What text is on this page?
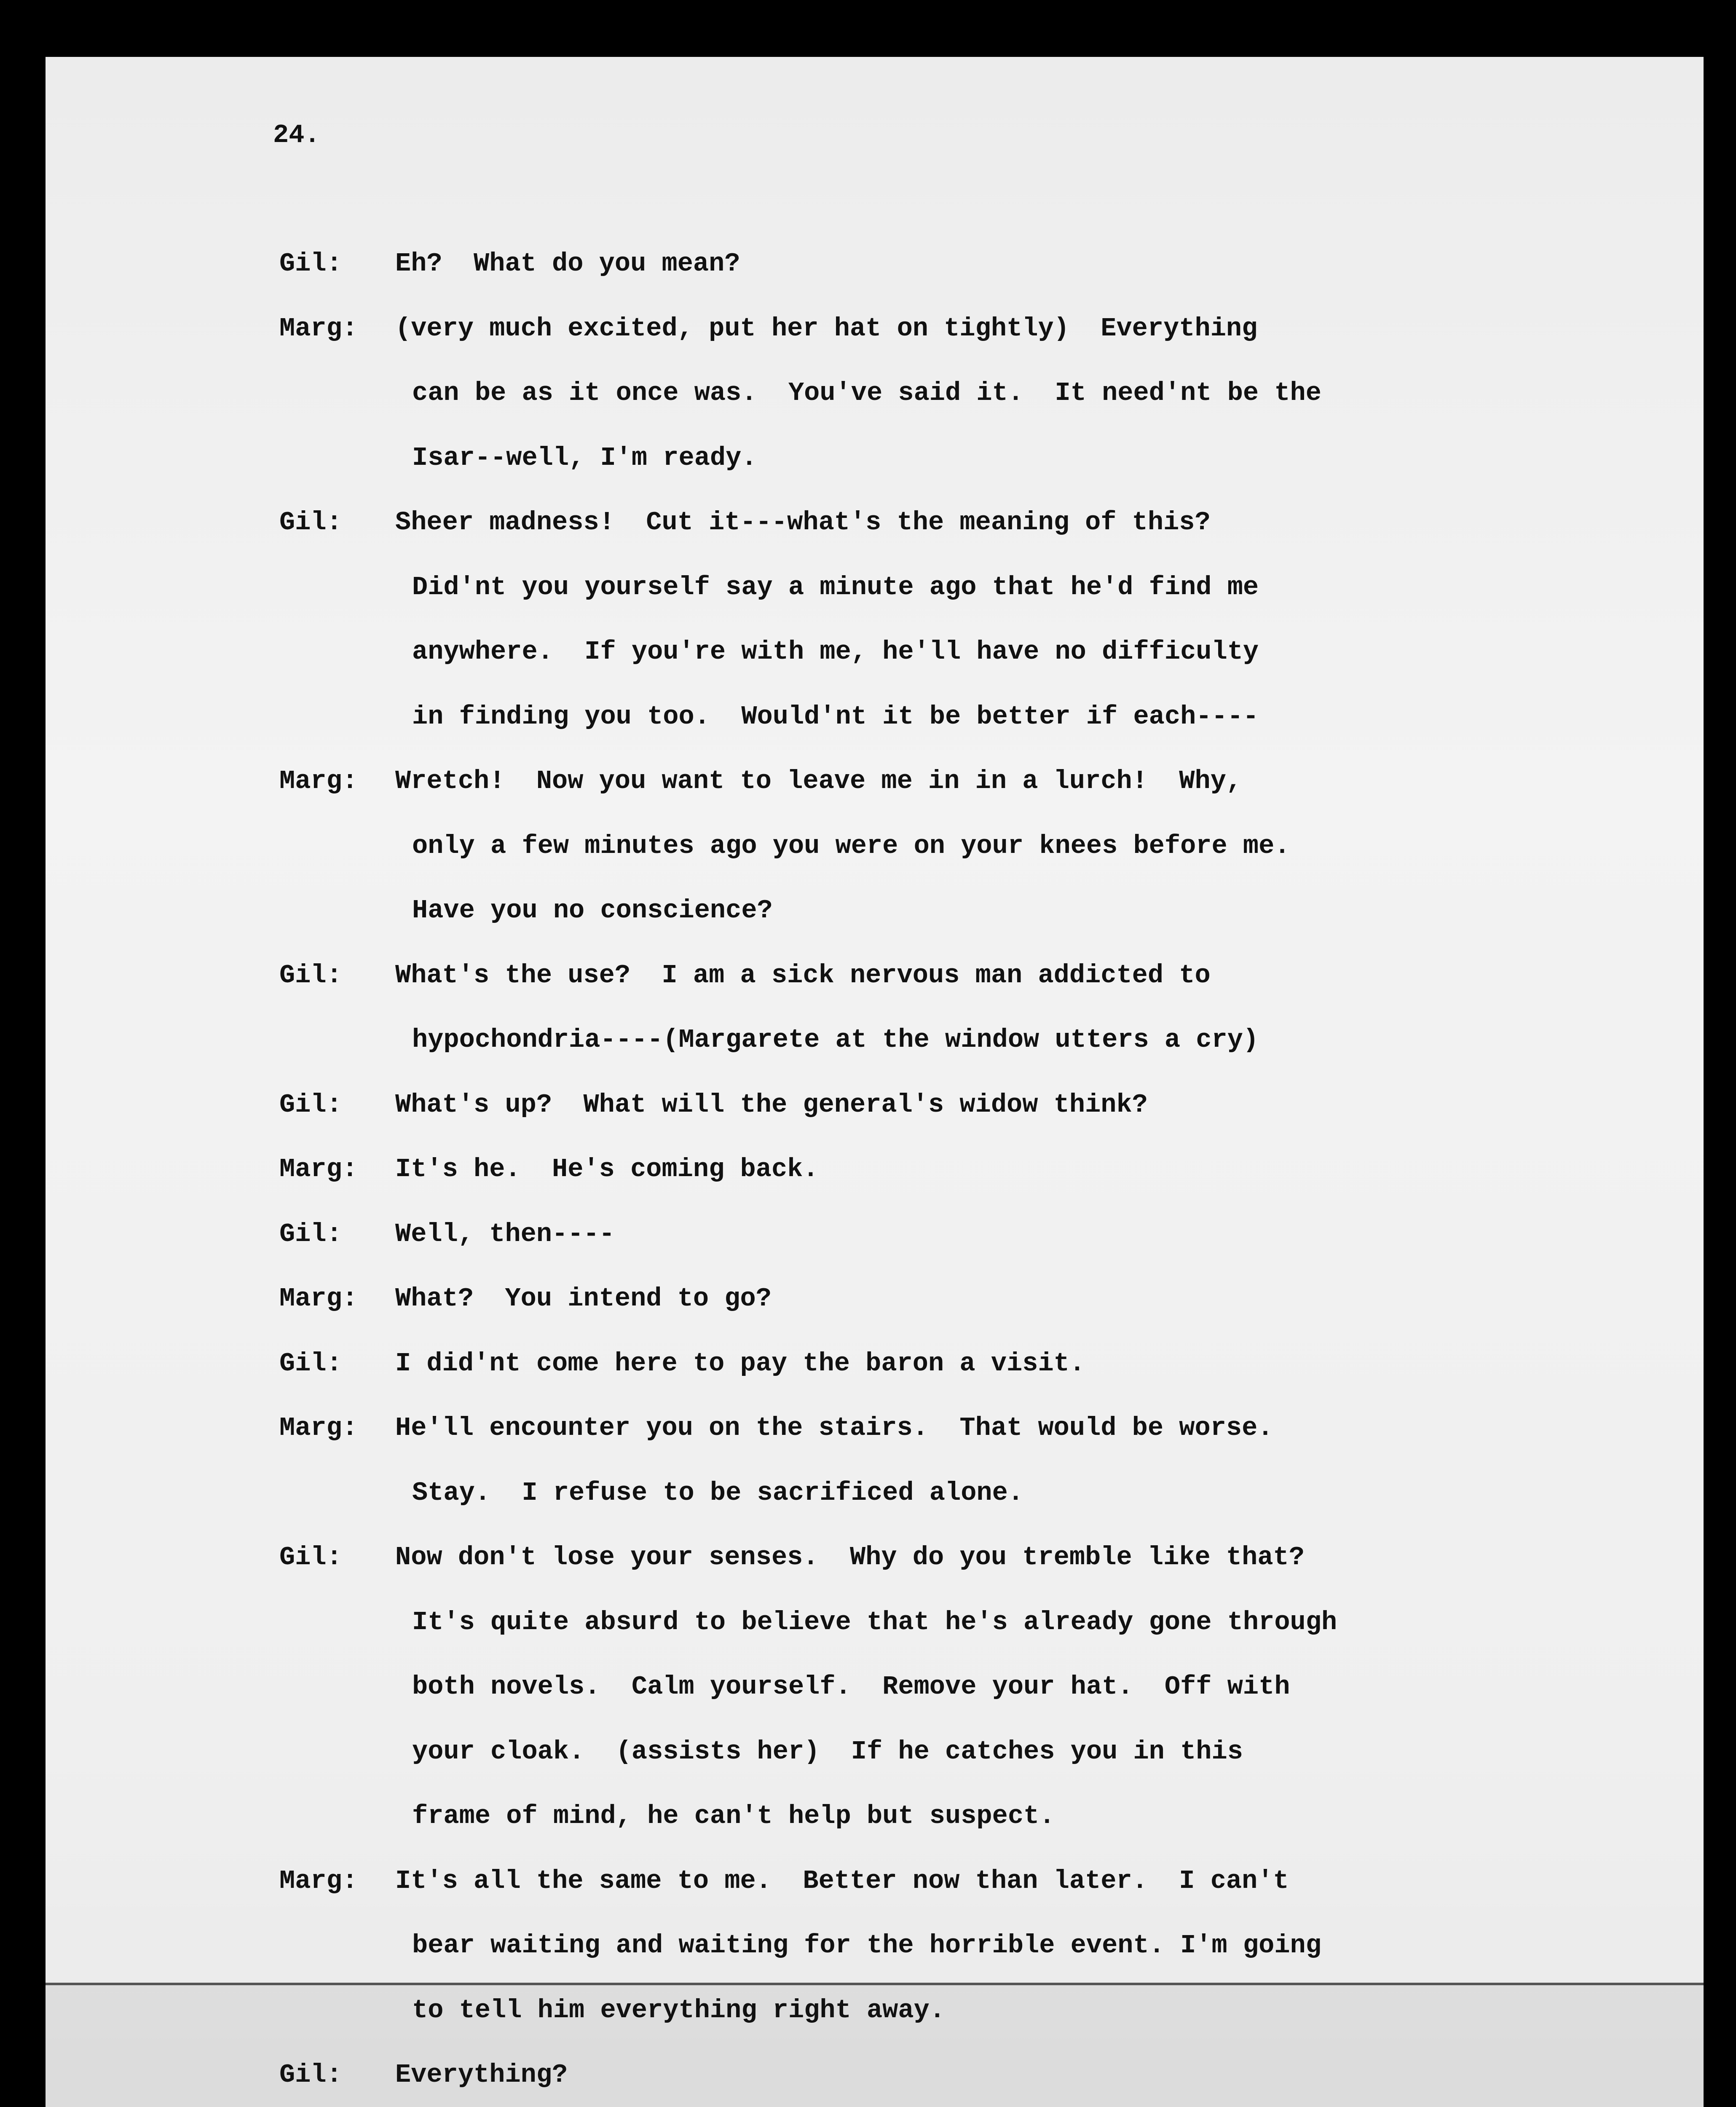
24.
Gil: Eh?  What do you mean?
Marg: (very much excited, put her hat on tightly)  Everything
can be as it once was.  You've said it.  It need'nt be the
Isar--well, I'm ready.
Gil: Sheer madness!  Cut it---what's the meaning of this?
Did'nt you yourself say a minute ago that he'd find me
anywhere.  If you're with me, he'll have no difficulty
in finding you too.  Would'nt it be better if each----
Marg: Wretch!  Now you want to leave me in in a lurch!  Why,
only a few minutes ago you were on your knees before me.
Have you no conscience?
Gil: What's the use?  I am a sick nervous man addicted to
hypochondria----(Margarete at the window utters a cry)
Gil: What's up?  What will the general's widow think?
Marg: It's he.  He's coming back.
Gil: Well, then----
Marg: What?  You intend to go?
Gil: I did'nt come here to pay the baron a visit.
Marg: He'll encounter you on the stairs.  That would be worse.
Stay.  I refuse to be sacrificed alone.
Gil: Now don't lose your senses.  Why do you tremble like that?
It's quite absurd to believe that he's already gone through
both novels.  Calm yourself.  Remove your hat.  Off with
your cloak.  (assists her)  If he catches you in this
frame of mind, he can't help but suspect.
Marg: It's all the same to me.  Better now than later.  I can't
bear waiting and waiting for the horrible event. I'm going
to tell him everything right away.
Gil: Everything?
